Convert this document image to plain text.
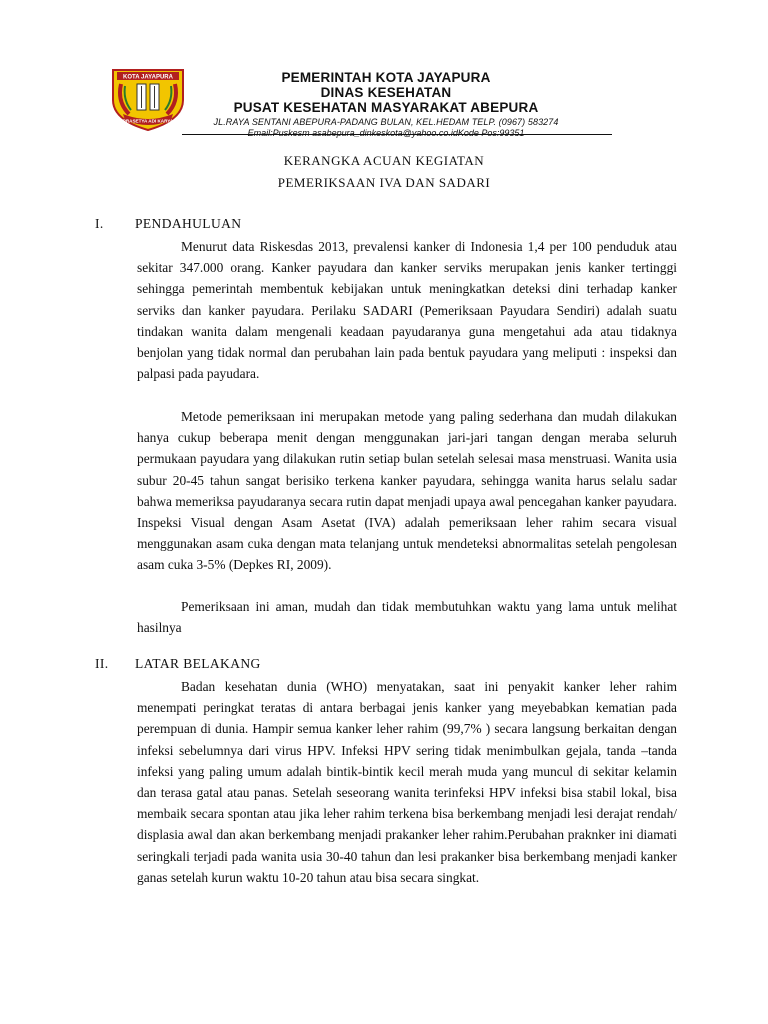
KOTA JAYAPURA
PRASETYA ADI KARYA
PEMERINTAH KOTA JAYAPURA
DINAS KESEHATAN
PUSAT KESEHATAN MASYARAKAT ABEPURA
JL.RAYA SENTANI ABEPURA-PADANG BULAN, KEL.HEDAM TELP. (0967) 583274
Email:Puskesm asabepura_dinkeskota@yahoo.co.idKode Pos:99351
KERANGKA ACUAN KEGIATAN
PEMERIKSAAN IVA DAN SADARI
I. PENDAHULUAN

Menurut data Riskesdas 2013, prevalensi kanker di Indonesia 1,4 per 100 penduduk atau sekitar 347.000 orang. Kanker payudara dan kanker serviks merupakan jenis kanker tertinggi sehingga pemerintah membentuk kebijakan untuk meningkatkan deteksi dini terhadap kanker serviks dan kanker payudara. Perilaku SADARI (Pemeriksaan Payudara Sendiri) adalah suatu tindakan wanita dalam mengenali keadaan payudaranya guna mengetahui ada atau tidaknya benjolan yang tidak normal dan perubahan lain pada bentuk payudara yang meliputi : inspeksi dan palpasi pada payudara.

Metode pemeriksaan ini merupakan metode yang paling sederhana dan mudah dilakukan hanya cukup beberapa menit dengan menggunakan jari-jari tangan dengan meraba seluruh permukaan payudara yang dilakukan rutin setiap bulan setelah selesai masa menstruasi. Wanita usia subur 20-45 tahun sangat berisiko terkena kanker payudara, sehingga wanita harus selalu sadar bahwa memeriksa payudaranya secara rutin dapat menjadi upaya awal pencegahan kanker payudara. Inspeksi Visual dengan Asam Asetat (IVA) adalah pemeriksaan leher rahim secara visual menggunakan asam cuka dengan mata telanjang untuk mendeteksi abnormalitas setelah pengolesan asam cuka 3-5% (Depkes RI, 2009).

Pemeriksaan ini aman, mudah dan tidak membutuhkan waktu yang lama untuk melihat hasilnya

II. LATAR BELAKANG

Badan kesehatan dunia (WHO) menyatakan, saat ini penyakit kanker leher rahim menempati peringkat teratas di antara berbagai jenis kanker yang meyebabkan kematian pada perempuan di dunia. Hampir semua kanker leher rahim (99,7% ) secara langsung berkaitan dengan infeksi sebelumnya dari virus HPV. Infeksi HPV sering tidak menimbulkan gejala, tanda –tanda infeksi yang paling umum adalah bintik-bintik kecil merah muda yang muncul di sekitar kelamin dan terasa gatal atau panas. Setelah seseorang wanita terinfeksi HPV infeksi bisa stabil lokal, bisa membaik secara spontan atau jika leher rahim terkena bisa berkembang menjadi lesi derajat rendah/ displasia awal dan akan berkembang menjadi prakanker leher rahim.Perubahan praknker ini diamati seringkali terjadi pada wanita usia 30-40 tahun dan lesi prakanker bisa berkembang menjadi kanker ganas setelah kurun waktu 10-20 tahun atau bisa secara singkat.
